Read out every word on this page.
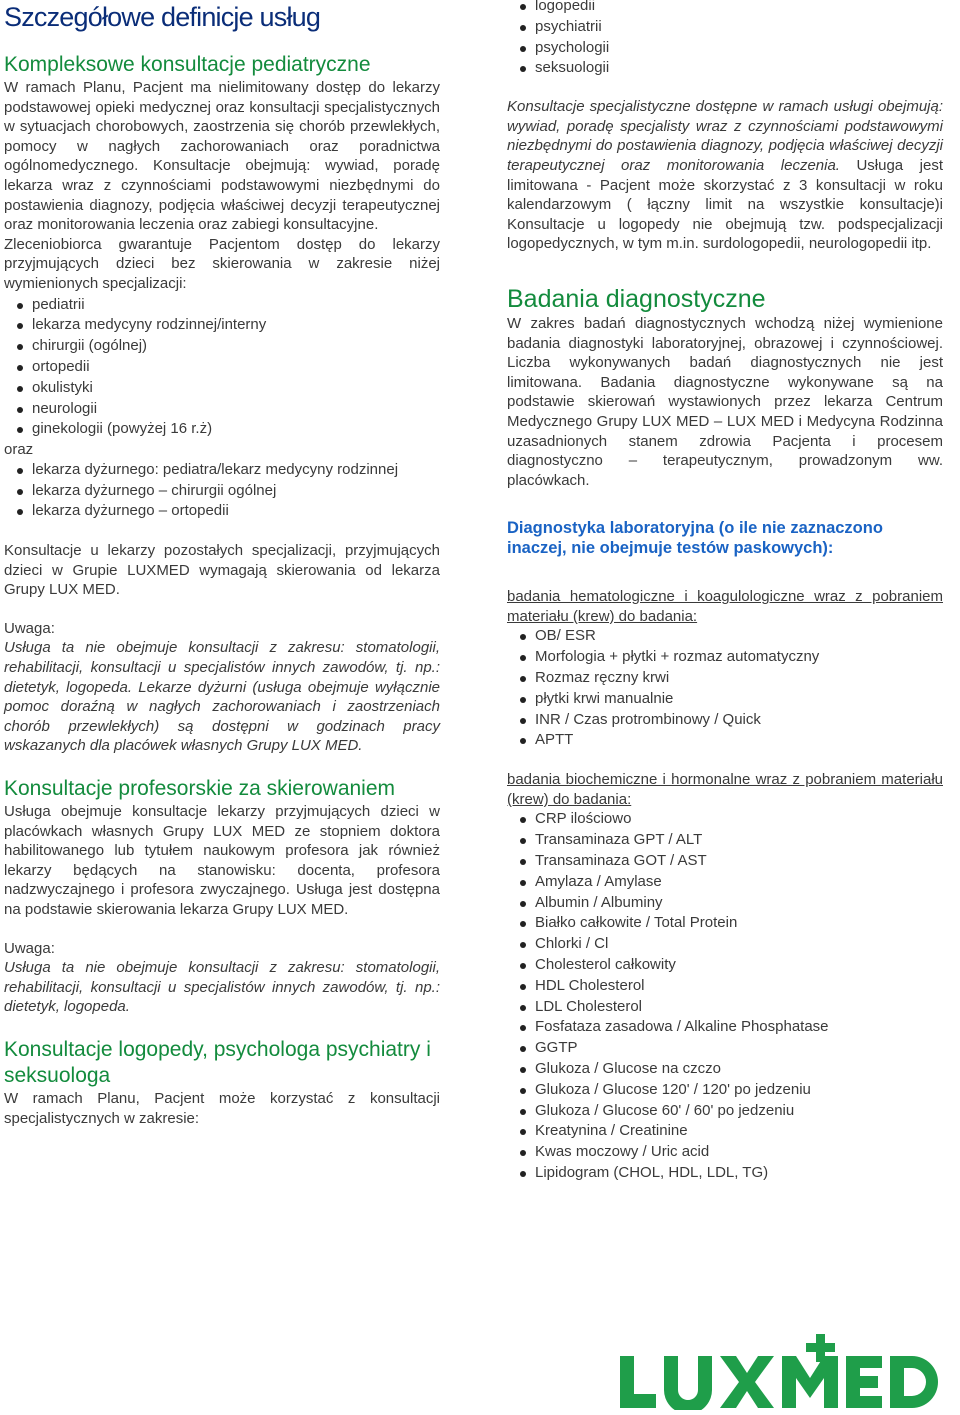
Szczegółowe definicje usług
Kompleksowe konsultacje pediatryczne

W ramach Planu, Pacjent ma nielimitowany dostęp do lekarzy podstawowej opieki medycznej oraz konsultacji specjalistycznych w sytuacjach chorobowych, zaostrzenia się chorób przewlekłych, pomocy w nagłych zachorowaniach oraz poradnictwa ogólnomedycznego. Konsultacje obejmują: wywiad, poradę lekarza wraz z czynnościami podstawowymi niezbędnymi do postawienia diagnozy, podjęcia właściwej decyzji terapeutycznej oraz monitorowania leczenia oraz zabiegi konsultacyjne.

Zleceniobiorca gwarantuje Pacjentom dostęp do lekarzy przyjmujących dzieci bez skierowania w zakresie niżej wymienionych specjalizacji:

pediatrii
lekarza medycyny rodzinnej/interny
chirurgii (ogólnej)
ortopedii
okulistyki
neurologii
ginekologii (powyżej 16 r.ż)

oraz

lekarza dyżurnego: pediatra/lekarz medycyny rodzinnej
lekarza dyżurnego – chirurgii ogólnej
lekarza dyżurnego – ortopedii

Konsultacje u lekarzy pozostałych specjalizacji, przyjmujących dzieci w Grupie LUXMED wymagają skierowania od lekarza Grupy LUX MED.

Uwaga:

Usługa ta nie obejmuje konsultacji z zakresu: stomatologii, rehabilitacji, konsultacji u specjalistów innych zawodów, tj. np.: dietetyk, logopeda. Lekarze dyżurni (usługa obejmuje wyłącznie pomoc doraźną w nagłych zachorowaniach i zaostrzeniach chorób przewlekłych) są dostępni w godzinach pracy wskazanych dla placówek własnych Grupy LUX MED.

Konsultacje profesorskie za skierowaniem

Usługa obejmuje konsultacje lekarzy przyjmujących dzieci w placówkach własnych Grupy LUX MED ze stopniem doktora habilitowanego lub tytułem naukowym profesora jak również lekarzy będących na stanowisku: docenta, profesora nadzwyczajnego i profesora zwyczajnego. Usługa jest dostępna na podstawie skierowania lekarza Grupy LUX MED.

Uwaga:

Usługa ta nie obejmuje konsultacji z zakresu: stomatologii, rehabilitacji, konsultacji u specjalistów innych zawodów, tj. np.: dietetyk, logopeda.

Konsultacje logopedy, psychologa psychiatry i seksuologa

W ramach Planu, Pacjent może korzystać z konsultacji specjalistycznych w zakresie:

logopedii
psychiatrii
psychologii
seksuologii

Konsultacje specjalistyczne dostępne w ramach usługi obejmują: wywiad, poradę specjalisty wraz z czynnościami podstawowymi niezbędnymi do postawienia diagnozy, podjęcia właściwej decyzji terapeutycznej oraz monitorowania leczenia. Usługa jest limitowana - Pacjent może skorzystać z 3 konsultacji w roku kalendarzowym ( łączny limit na wszystkie konsultacje)i Konsultacje u logopedy nie obejmują tzw. podspecjalizacji logopedycznych, w tym m.in. surdologopedii, neurologopedii itp.

Badania diagnostyczne

W zakres badań diagnostycznych wchodzą niżej wymienione badania diagnostyki laboratoryjnej, obrazowej i czynnościowej. Liczba wykonywanych badań diagnostycznych nie jest limitowana. Badania diagnostyczne wykonywane są na podstawie skierowań wystawionych przez lekarza Centrum Medycznego Grupy LUX MED – LUX MED i Medycyna Rodzinna uzasadnionych stanem zdrowia Pacjenta i procesem diagnostyczno – terapeutycznym, prowadzonym ww. placówkach.

Diagnostyka laboratoryjna (o ile nie zaznaczono inaczej, nie obejmuje testów paskowych):

badania hematologiczne i koagulologiczne wraz z pobraniem materiału (krew) do badania:

OB/ ESR
Morfologia + płytki + rozmaz automatyczny
Rozmaz ręczny krwi
płytki krwi manualnie
INR / Czas protrombinowy / Quick
APTT

badania biochemiczne i hormonalne wraz z pobraniem materiału (krew) do badania:

CRP ilościowo
Transaminaza GPT / ALT
Transaminaza GOT / AST
Amylaza / Amylase
Albumin / Albuminy
Białko całkowite / Total Protein
Chlorki / Cl
Cholesterol całkowity
HDL Cholesterol
LDL Cholesterol
Fosfataza zasadowa / Alkaline Phosphatase
GGTP
Glukoza / Glucose na czczo
Glukoza / Glucose 120' / 120' po jedzeniu
Glukoza / Glucose 60' / 60' po jedzeniu
Kreatynina / Creatinine
Kwas moczowy / Uric acid
Lipidogram (CHOL, HDL, LDL, TG)
